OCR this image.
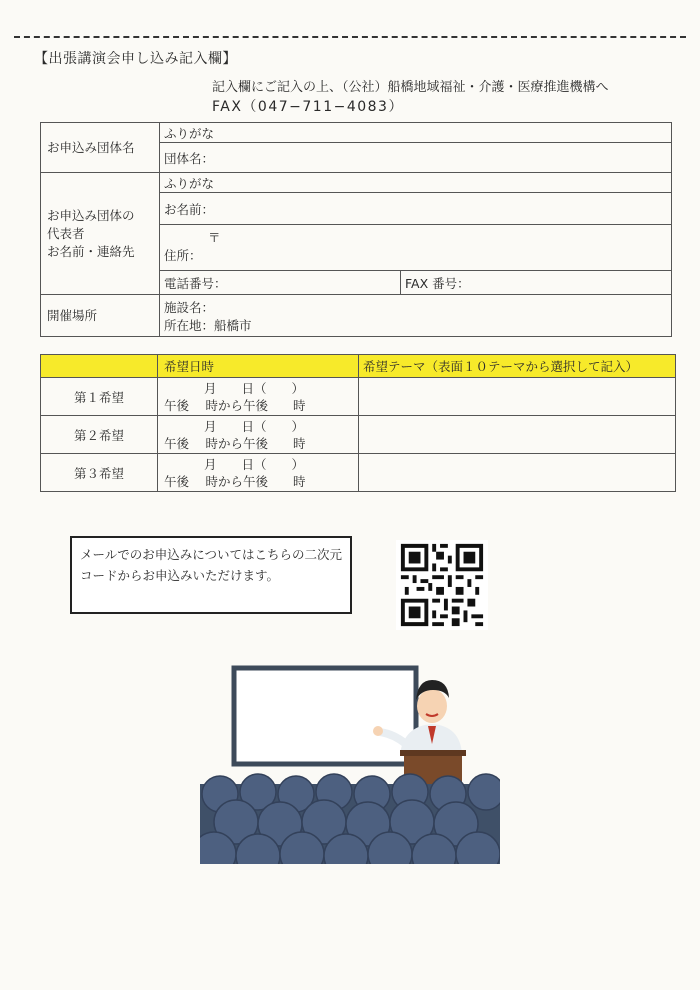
【出張講演会申し込み記入欄】
記入欄にご記入の上、（公社）船橋地域福祉・介護・医療推進機構へ
FAX（047−711−4083）
お申込み団体名	ふりがな	
	団体名：	

お申込み団体の
代表者
お名前・連絡先	ふりがな	
	お名前：	

	〒
住所：	

	電話番号：	FAX 番号：
開催場所	施設名：
所在地：船橋市	
	希望日時	希望テーマ（表面１０テーマから選択して記入）
第１希望	月　　日（　　）
午後　 時から午後　　時	

第２希望	月　　日（　　）
午後　 時から午後　　時	

第３希望	月　　日（　　）
午後　 時から午後　　時	

メールでのお申込みについてはこちらの二次元コードからお申込みいただけます。
